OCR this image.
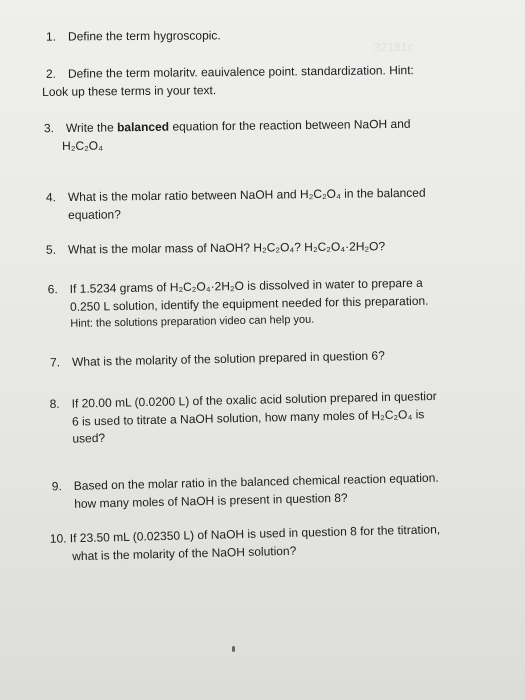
32181c
1. Define the term hygroscopic.
2. Define the term molaritv. eauivalence point. standardization. Hint:
Look up these terms in your text.
3. Write the balanced equation for the reaction between NaOH and
H₂C₂O₄
4. What is the molar ratio between NaOH and H₂C₂O₄ in the balanced
equation?
5. What is the molar mass of NaOH? H₂C₂O₄? H₂C₂O₄·2H₂O?
6. If 1.5234 grams of H₂C₂O₄·2H₂O is dissolved in water to prepare a
0.250 L solution, identify the equipment needed for this preparation.
Hint: the solutions preparation video can help you.
7. What is the molarity of the solution prepared in question 6?
8. If 20.00 mL (0.0200 L) of the oxalic acid solution prepared in questior
6 is used to titrate a NaOH solution, how many moles of H₂C₂O₄ is
used?
9. Based on the molar ratio in the balanced chemical reaction equation.
how many moles of NaOH is present in question 8?
10. If 23.50 mL (0.02350 L) of NaOH is used in question 8 for the titration,
what is the molarity of the NaOH solution?
